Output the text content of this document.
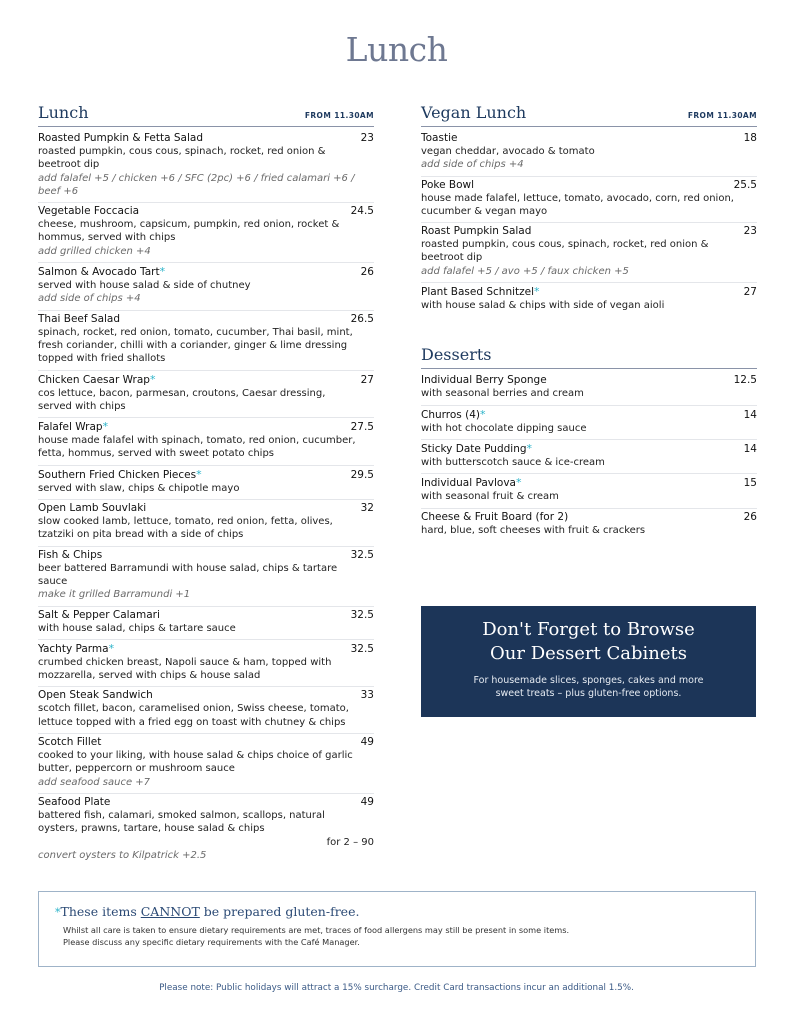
Lunch
Lunch	FROM 11.30AM
Roasted Pumpkin & Fetta Salad	23
roasted pumpkin, cous cous, spinach, rocket, red onion & beetroot dip
add falafel +5 / chicken +6 / SFC (2pc) +6 / fried calamari +6 / beef +6
Vegetable Foccacia	24.5
cheese, mushroom, capsicum, pumpkin, red onion, rocket & hommus, served with chips
add grilled chicken +4
Salmon & Avocado Tart*	26
served with house salad & side of chutney
add side of chips +4
Thai Beef Salad	26.5
spinach, rocket, red onion, tomato, cucumber, Thai basil, mint, fresh coriander, chilli with a coriander, ginger & lime dressing topped with fried shallots
Chicken Caesar Wrap*	27
cos lettuce, bacon, parmesan, croutons, Caesar dressing, served with chips
Falafel Wrap*	27.5
house made falafel with spinach, tomato, red onion, cucumber, fetta, hommus, served with sweet potato chips
Southern Fried Chicken Pieces*	29.5
served with slaw, chips & chipotle mayo
Open Lamb Souvlaki	32
slow cooked lamb, lettuce, tomato, red onion, fetta, olives, tzatziki on pita bread with a side of chips
Fish & Chips	32.5
beer battered Barramundi with house salad, chips & tartare sauce
make it grilled Barramundi +1
Salt & Pepper Calamari	32.5
with house salad, chips & tartare sauce
Yachty Parma*	32.5
crumbed chicken breast, Napoli sauce & ham, topped with mozzarella, served with chips & house salad
Open Steak Sandwich	33
scotch fillet, bacon, caramelised onion, Swiss cheese, tomato, lettuce topped with a fried egg on toast with chutney & chips
Scotch Fillet	49
cooked to your liking, with house salad & chips choice of garlic butter, peppercorn or mushroom sauce
add seafood sauce +7
Seafood Plate	49
battered fish, calamari, smoked salmon, scallops, natural oysters, prawns, tartare, house salad & chips
for 2 – 90
convert oysters to Kilpatrick +2.5
Vegan Lunch	FROM 11.30AM
Toastie	18
vegan cheddar, avocado & tomato
add side of chips +4
Poke Bowl	25.5
house made falafel, lettuce, tomato, avocado, corn, red onion, cucumber & vegan mayo
Roast Pumpkin Salad	23
roasted pumpkin, cous cous, spinach, rocket, red onion & beetroot dip
add falafel +5 / avo +5 / faux chicken +5
Plant Based Schnitzel*	27
with house salad & chips with side of vegan aioli
Desserts
Individual Berry Sponge	12.5
with seasonal berries and cream
Churros (4)*	14
with hot chocolate dipping sauce
Sticky Date Pudding*	14
with butterscotch sauce & ice-cream
Individual Pavlova*	15
with seasonal fruit & cream
Cheese & Fruit Board (for 2)	26
hard, blue, soft cheeses with fruit & crackers
Don't Forget to Browse
Our Dessert Cabinets
For housemade slices, sponges, cakes and more
sweet treats – plus gluten-free options.
*These items CANNOT be prepared gluten-free.
Whilst all care is taken to ensure dietary requirements are met, traces of food allergens may still be present in some items.
Please discuss any specific dietary requirements with the Café Manager.
Please note: Public holidays will attract a 15% surcharge. Credit Card transactions incur an additional 1.5%.
